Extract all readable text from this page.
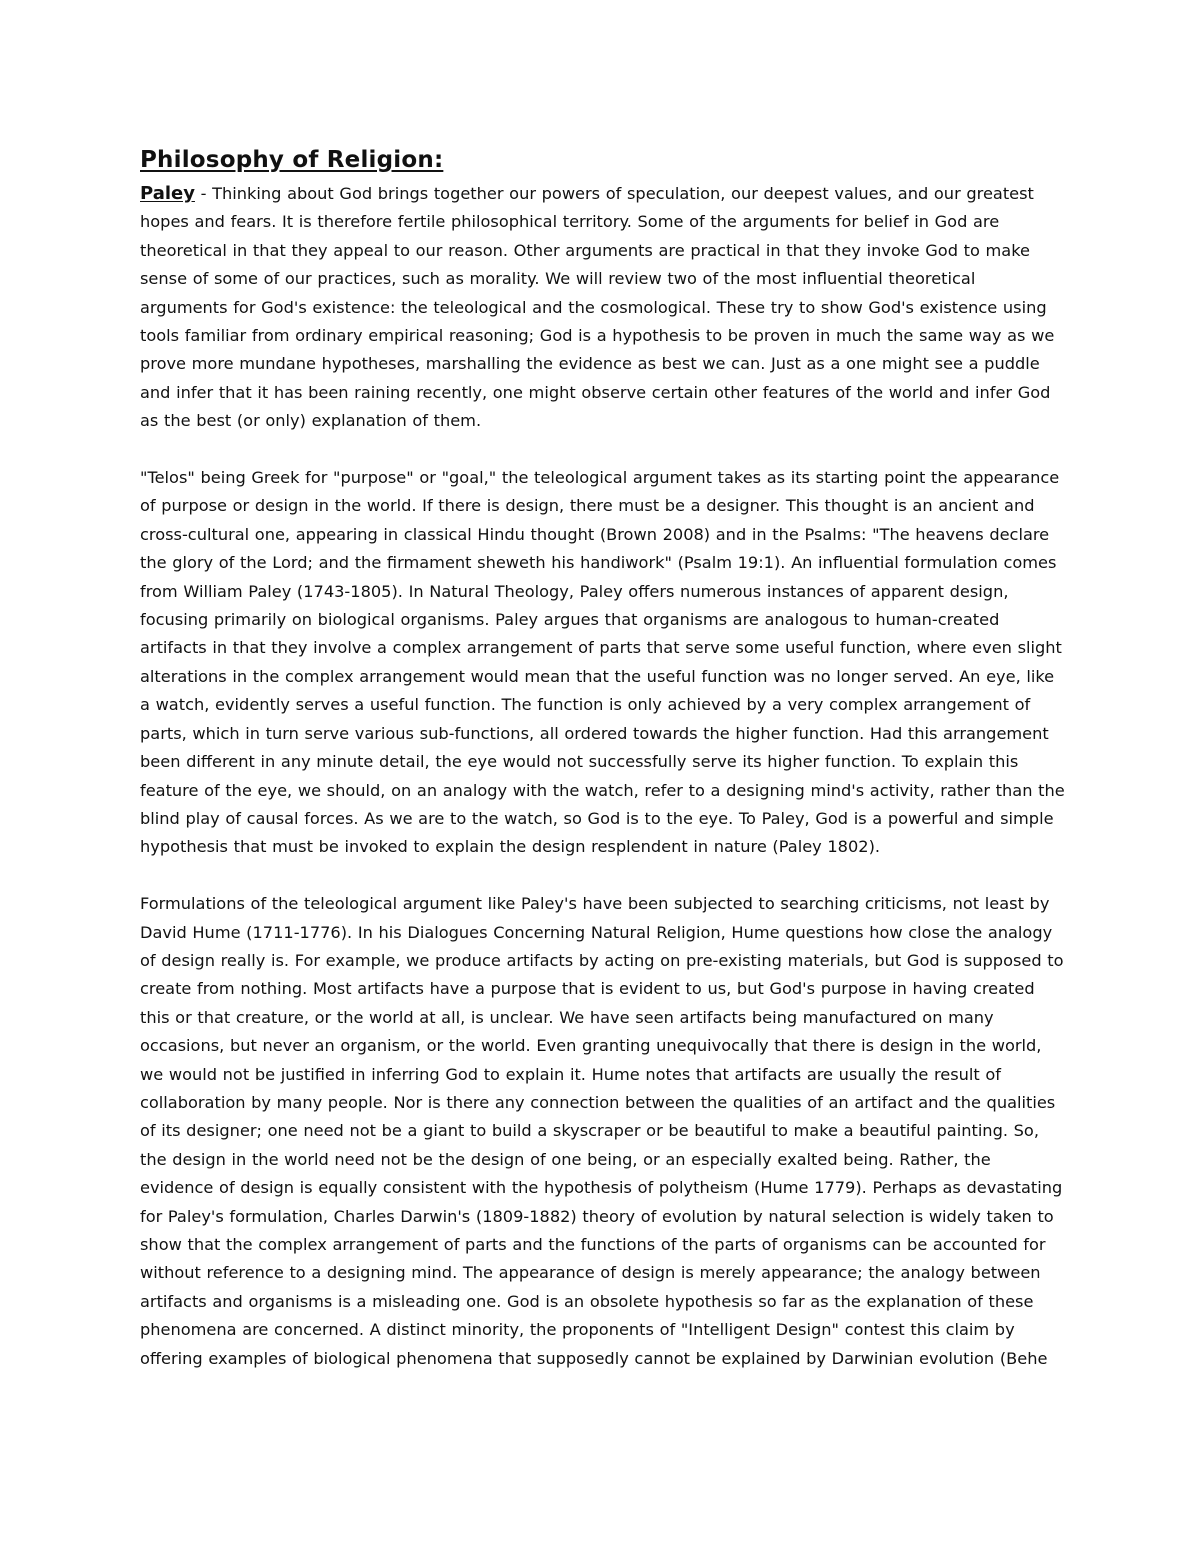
Philosophy of Religion:

Paley - Thinking about God brings together our powers of speculation, our deepest values, and our greatest hopes and fears. It is therefore fertile philosophical territory. Some of the arguments for belief in God are theoretical in that they appeal to our reason. Other arguments are practical in that they invoke God to make sense of some of our practices, such as morality. We will review two of the most influential theoretical arguments for God's existence: the teleological and the cosmological. These try to show God's existence using tools familiar from ordinary empirical reasoning; God is a hypothesis to be proven in much the same way as we prove more mundane hypotheses, marshalling the evidence as best we can. Just as a one might see a puddle and infer that it has been raining recently, one might observe certain other features of the world and infer God as the best (or only) explanation of them.

"Telos" being Greek for "purpose" or "goal," the teleological argument takes as its starting point the appearance of purpose or design in the world. If there is design, there must be a designer. This thought is an ancient and cross-cultural one, appearing in classical Hindu thought (Brown 2008) and in the Psalms: "The heavens declare the glory of the Lord; and the firmament sheweth his handiwork" (Psalm 19:1). An influential formulation comes from William Paley (1743-1805). In Natural Theology, Paley offers numerous instances of apparent design, focusing primarily on biological organisms. Paley argues that organisms are analogous to human-created artifacts in that they involve a complex arrangement of parts that serve some useful function, where even slight alterations in the complex arrangement would mean that the useful function was no longer served. An eye, like a watch, evidently serves a useful function. The function is only achieved by a very complex arrangement of parts, which in turn serve various sub-functions, all ordered towards the higher function. Had this arrangement been different in any minute detail, the eye would not successfully serve its higher function. To explain this feature of the eye, we should, on an analogy with the watch, refer to a designing mind's activity, rather than the blind play of causal forces. As we are to the watch, so God is to the eye. To Paley, God is a powerful and simple hypothesis that must be invoked to explain the design resplendent in nature (Paley 1802).

Formulations of the teleological argument like Paley's have been subjected to searching criticisms, not least by David Hume (1711-1776). In his Dialogues Concerning Natural Religion, Hume questions how close the analogy of design really is. For example, we produce artifacts by acting on pre-existing materials, but God is supposed to create from nothing. Most artifacts have a purpose that is evident to us, but God's purpose in having created this or that creature, or the world at all, is unclear. We have seen artifacts being manufactured on many occasions, but never an organism, or the world. Even granting unequivocally that there is design in the world, we would not be justified in inferring God to explain it. Hume notes that artifacts are usually the result of collaboration by many people. Nor is there any connection between the qualities of an artifact and the qualities of its designer; one need not be a giant to build a skyscraper or be beautiful to make a beautiful painting. So, the design in the world need not be the design of one being, or an especially exalted being. Rather, the evidence of design is equally consistent with the hypothesis of polytheism (Hume 1779). Perhaps as devastating for Paley's formulation, Charles Darwin's (1809-1882) theory of evolution by natural selection is widely taken to show that the complex arrangement of parts and the functions of the parts of organisms can be accounted for without reference to a designing mind. The appearance of design is merely appearance; the analogy between artifacts and organisms is a misleading one. God is an obsolete hypothesis so far as the explanation of these phenomena are concerned. A distinct minority, the proponents of "Intelligent Design" contest this claim by offering examples of biological phenomena that supposedly cannot be explained by Darwinian evolution (Behe
